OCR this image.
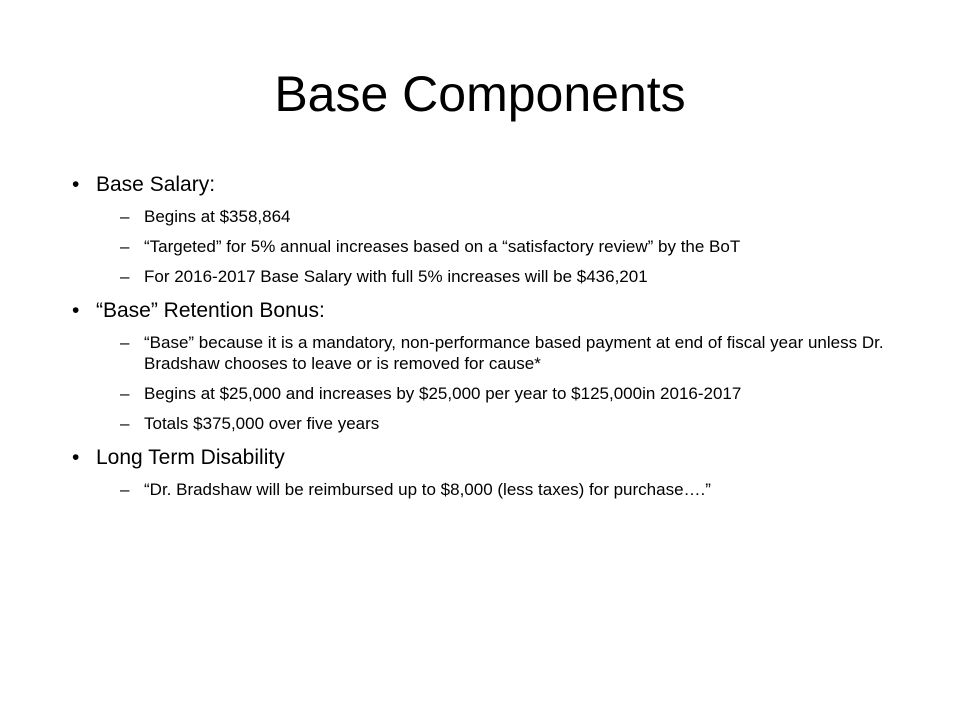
Base Components
• Base Salary:
– Begins at $358,864
– “Targeted” for 5% annual increases based on a “satisfactory review” by the BoT
– For 2016-2017 Base Salary with full 5% increases will be $436,201
• “Base” Retention Bonus:
– “Base” because it is a mandatory, non-performance based payment at end of fiscal year unless Dr. Bradshaw chooses to leave or is removed for cause*
– Begins at $25,000 and increases by $25,000 per year to $125,000in 2016-2017
– Totals $375,000 over five years
• Long Term Disability
– “Dr. Bradshaw will be reimbursed up to $8,000 (less taxes) for purchase….”
